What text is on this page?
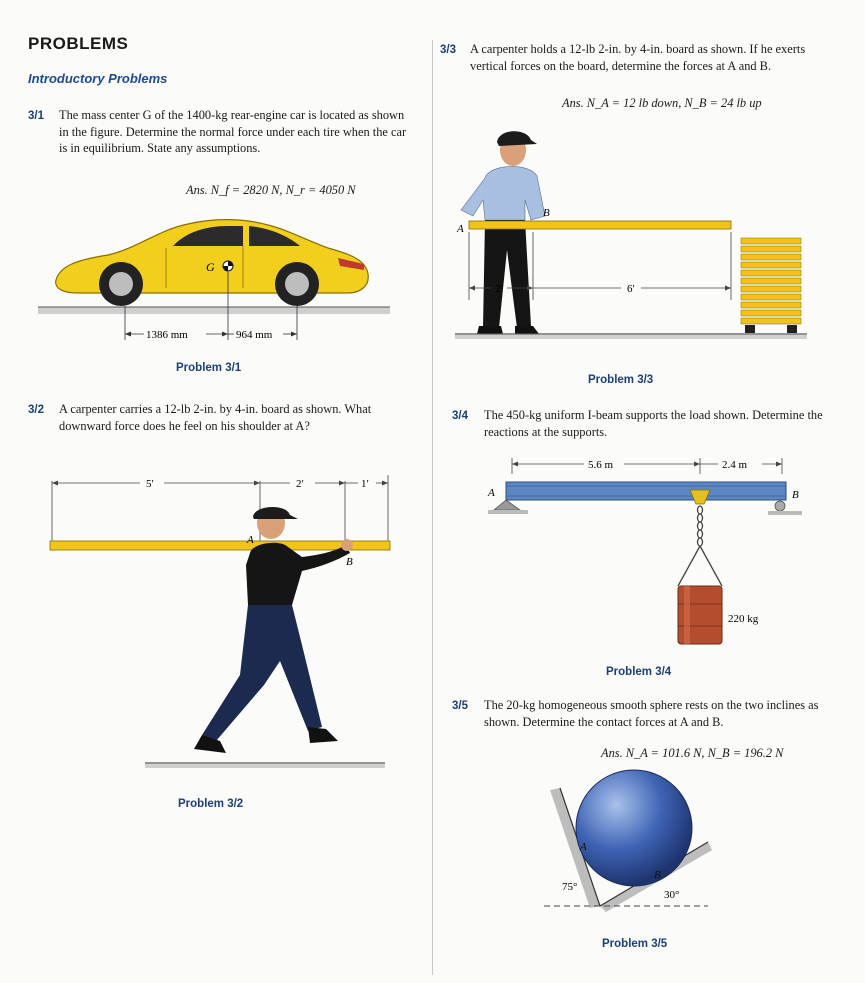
PROBLEMS
Introductory Problems
3/1 The mass center G of the 1400-kg rear-engine car is located as shown in the figure. Determine the normal force under each tire when the car is in equilibrium. State any assumptions.
Ans. N_f = 2820 N, N_r = 4050 N
G
1386 mm	964 mm
Problem 3/1
3/2 A carpenter carries a 12-lb 2-in. by 4-in. board as shown. What downward force does he feel on his shoulder at A?
5′	2′	1′
A
B
Problem 3/2
3/3 A carpenter holds a 12-lb 2-in. by 4-in. board as shown. If he exerts vertical forces on the board, determine the forces at A and B.
Ans. N_A = 12 lb down, N_B = 24 lb up
A
B
2′	6′
Problem 3/3
3/4 The 450-kg uniform I-beam supports the load shown. Determine the reactions at the supports.
5.6 m	2.4 m
A	B
220 kg
Problem 3/4
3/5 The 20-kg homogeneous smooth sphere rests on the two inclines as shown. Determine the contact forces at A and B.
Ans. N_A = 101.6 N, N_B = 196.2 N
A
B
75°
30°
Problem 3/5
